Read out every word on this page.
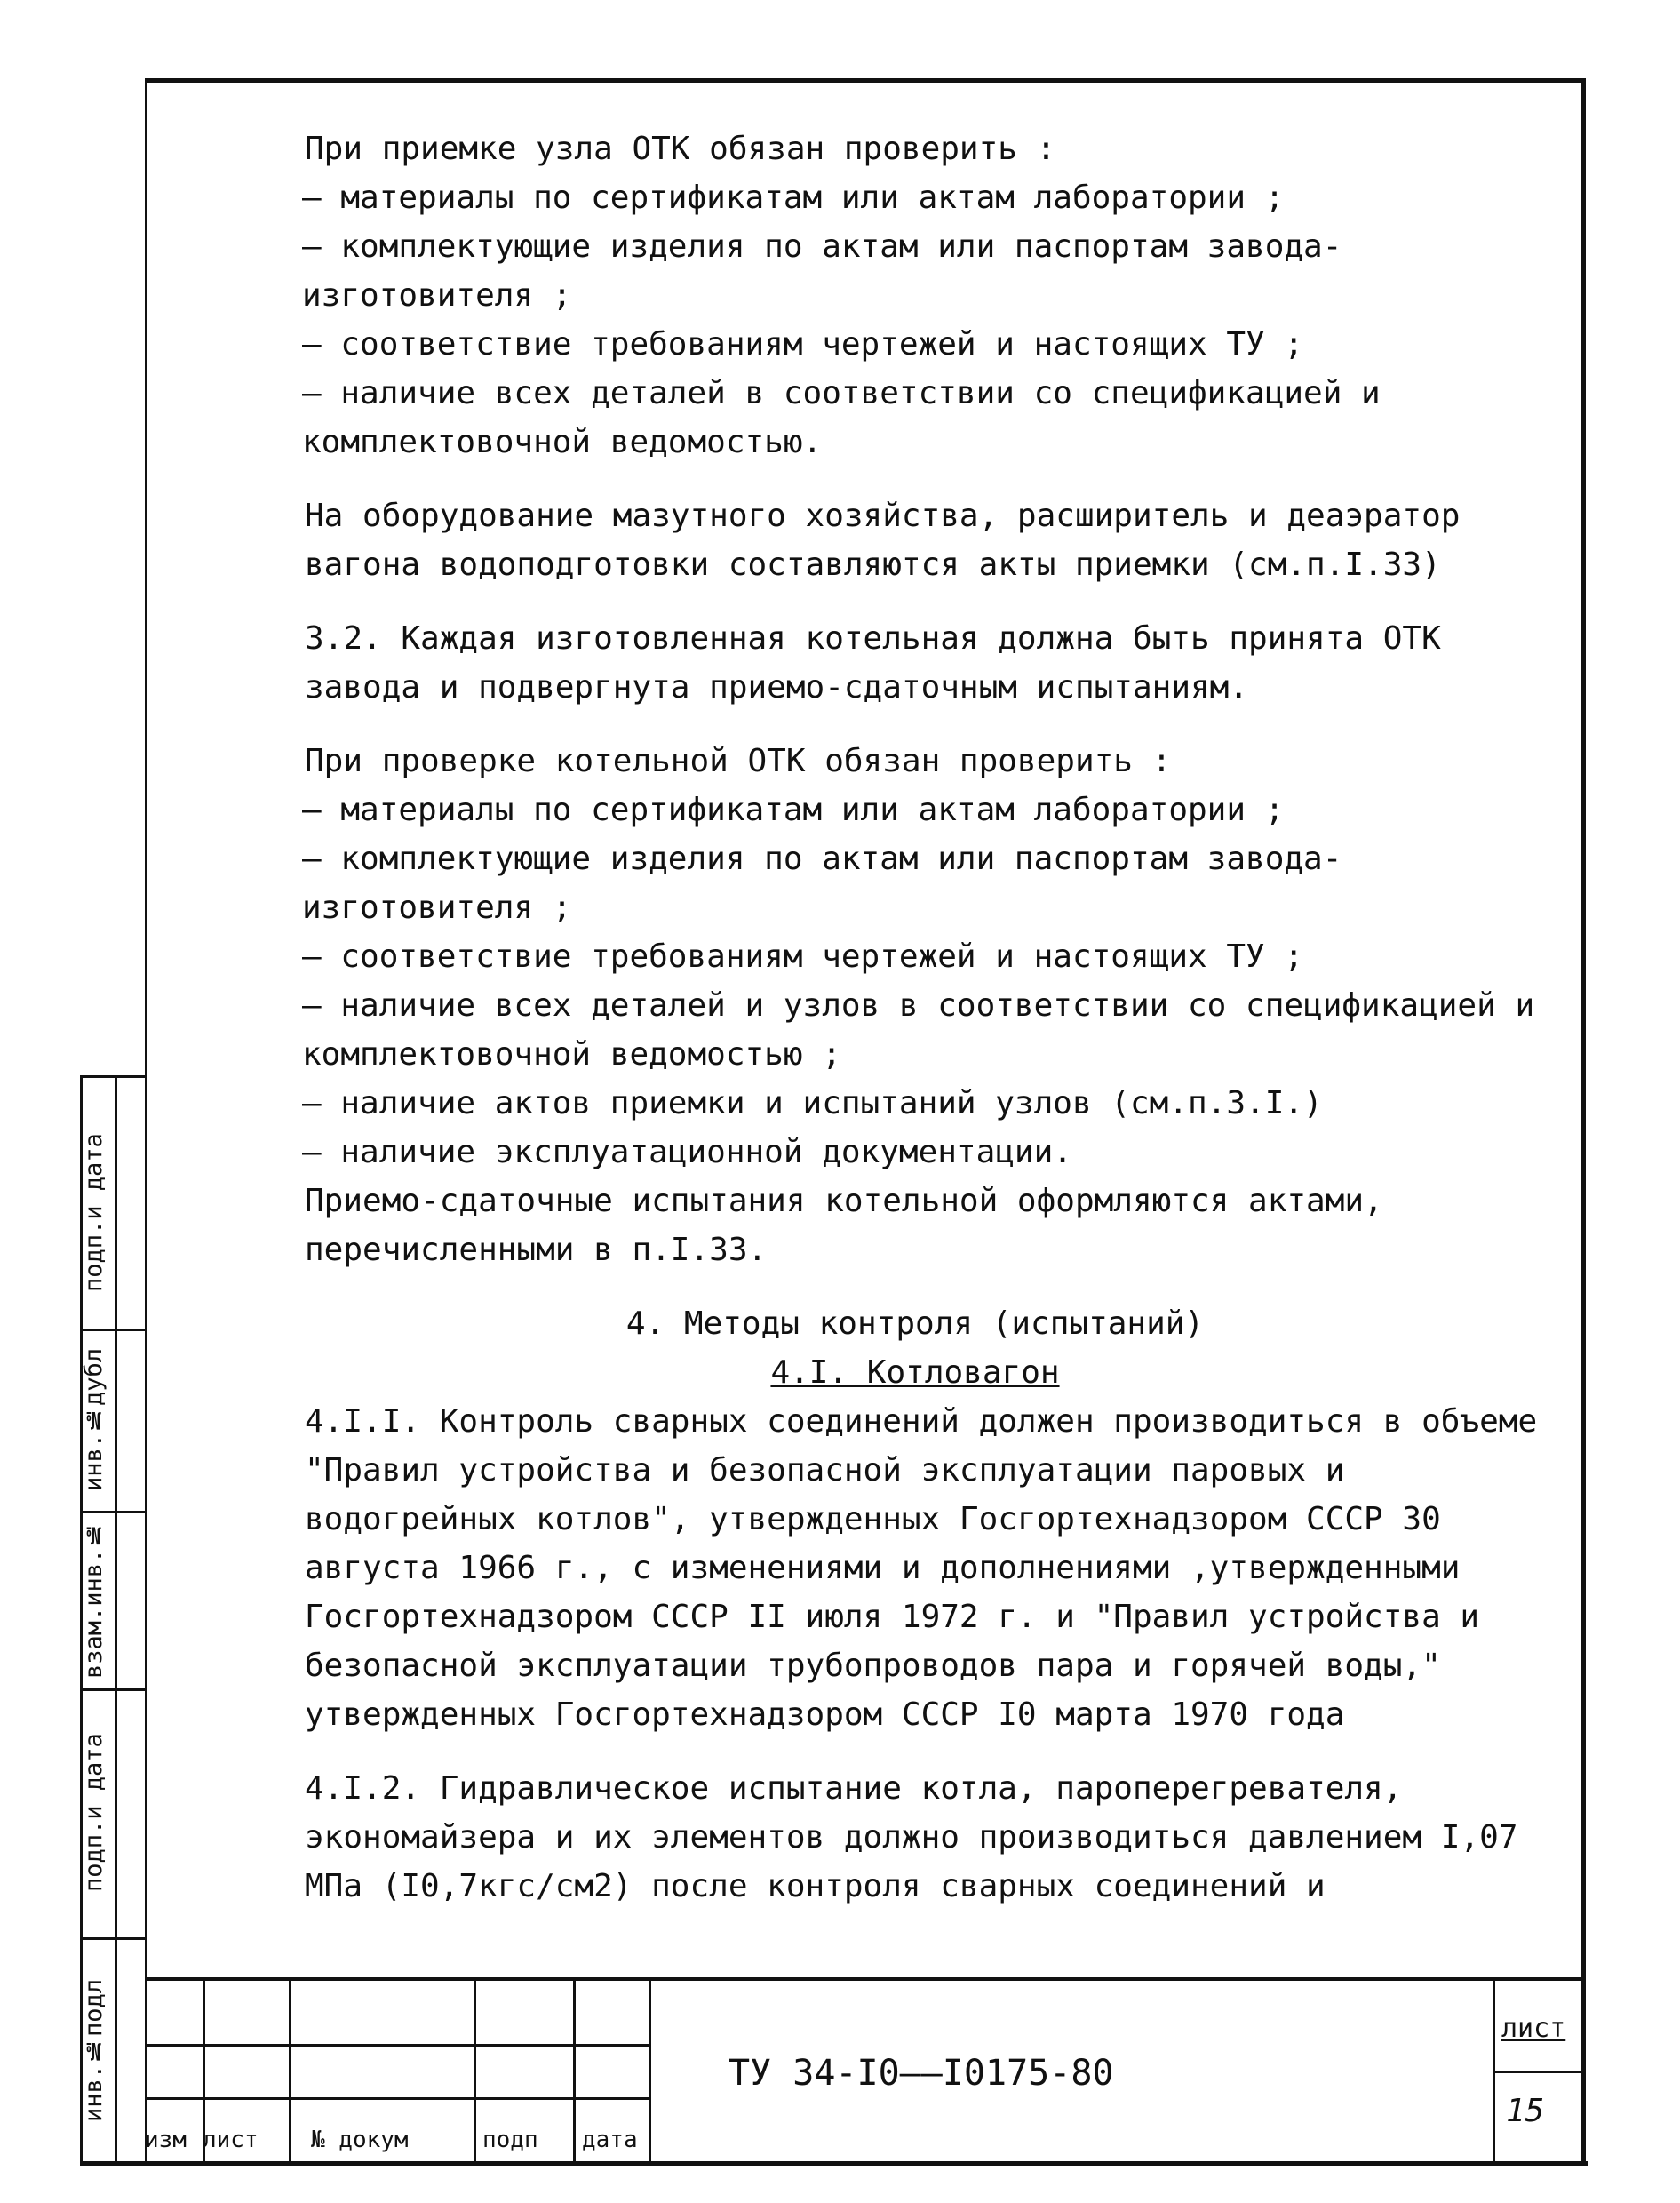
подп.и дата
инв.№дубл
взам.инв.№
подп.и дата
инв.№подл

При приемке узла ОТК обязан проверить :

– материалы по сертификатам или актам лаборатории ;

– комплектующие изделия по актам или паспортам завода-изготовителя ;

– соответствие требованиям чертежей и настоящих ТУ ;

– наличие всех деталей в соответствии со спецификацией и комплектовочной ведомостью.

На оборудование мазутного хозяйства, расширитель и деаэратор вагона водоподготовки составляются акты приемки (см.п.I.33)

3.2. Каждая изготовленная котельная должна быть принята ОТК завода и подвергнута приемо-сдаточным испытаниям.

При проверке котельной ОТК обязан проверить :

– материалы по сертификатам или актам лаборатории ;

– комплектующие изделия по актам или паспортам завода-изготовителя ;

– соответствие требованиям чертежей и настоящих ТУ ;

– наличие всех деталей и узлов в соответствии со спецификацией и комплектовочной ведомостью ;

– наличие актов приемки и испытаний узлов (см.п.3.I.)

– наличие эксплуатационной документации.

Приемо-сдаточные испытания котельной оформляются актами, перечисленными в п.I.33.

4. Методы контроля (испытаний)

4.I. Котловагон

4.I.I. Контроль сварных соединений должен производиться в объеме "Правил устройства и безопасной эксплуатации паровых и водогрейных котлов", утвержденных Госгортехнадзором СССР 30 августа 1966 г., с изменениями и дополнениями ,утвержденными Госгортехнадзором СССР II июля 1972 г. и "Правил устройства и безопасной эксплуатации трубопроводов пара и горячей воды," утвержденных Госгортехнадзором СССР I0 марта 1970 года

4.I.2. Гидравлическое испытание котла, пароперегревателя, экономайзера и их элементов должно производиться давлением I,07 МПа (I0,7кгс/см2) после контроля сварных соединений и

изм лист № докум	подп дата
ТУ 34-I0——I0175-80
лист
15
